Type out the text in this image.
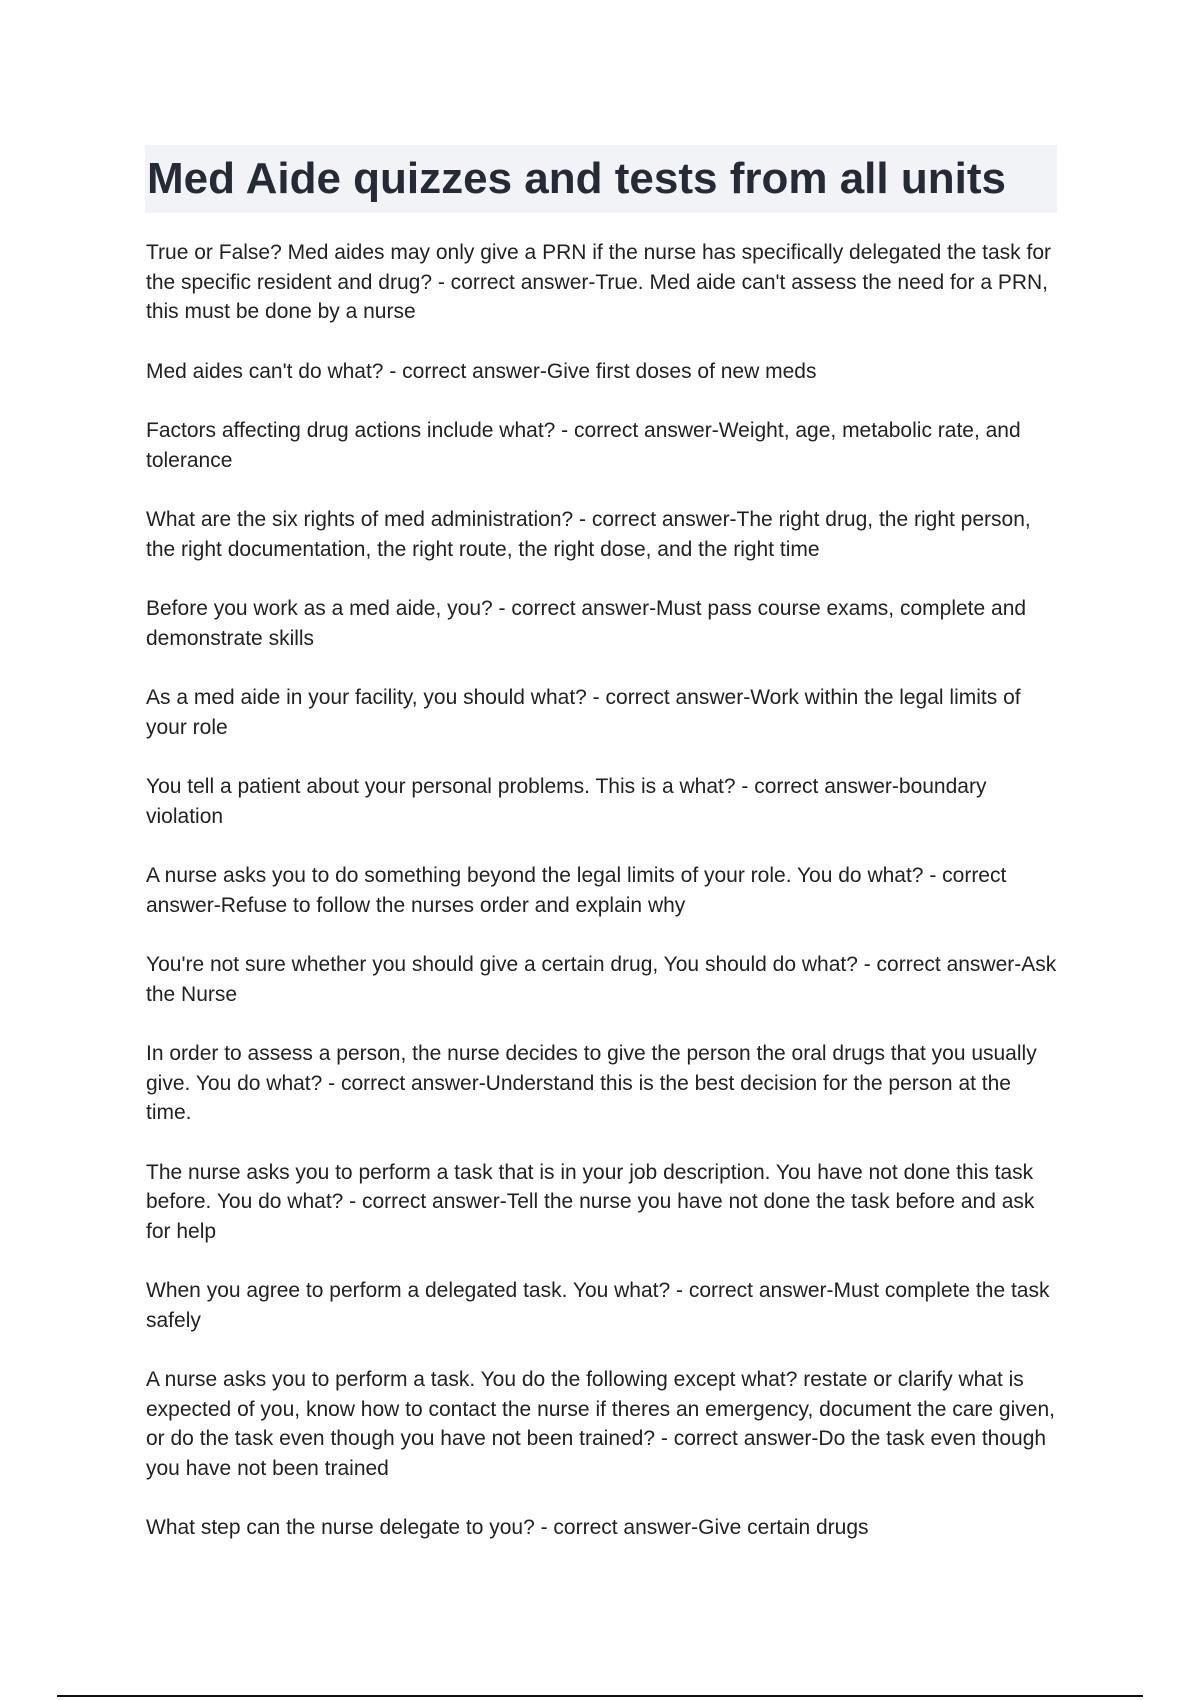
Med Aide quizzes and tests from all units

True or False? Med aides may only give a PRN if the nurse has specifically delegated the task for the specific resident and drug? - correct answer-True. Med aide can't assess the need for a PRN, this must be done by a nurse

Med aides can't do what? - correct answer-Give first doses of new meds

Factors affecting drug actions include what? - correct answer-Weight, age, metabolic rate, and tolerance

What are the six rights of med administration? - correct answer-The right drug, the right person, the right documentation, the right route, the right dose, and the right time

Before you work as a med aide, you? - correct answer-Must pass course exams, complete and demonstrate skills

As a med aide in your facility, you should what? - correct answer-Work within the legal limits of your role

You tell a patient about your personal problems. This is a what? - correct answer-boundary violation

A nurse asks you to do something beyond the legal limits of your role. You do what? - correct answer-Refuse to follow the nurses order and explain why

You're not sure whether you should give a certain drug, You should do what? - correct answer-Ask the Nurse

In order to assess a person, the nurse decides to give the person the oral drugs that you usually give. You do what? - correct answer-Understand this is the best decision for the person at the time.

The nurse asks you to perform a task that is in your job description. You have not done this task before. You do what? - correct answer-Tell the nurse you have not done the task before and ask for help

When you agree to perform a delegated task. You what? - correct answer-Must complete the task safely

A nurse asks you to perform a task. You do the following except what? restate or clarify what is expected of you, know how to contact the nurse if theres an emergency, document the care given, or do the task even though you have not been trained? - correct answer-Do the task even though you have not been trained

What step can the nurse delegate to you? - correct answer-Give certain drugs
